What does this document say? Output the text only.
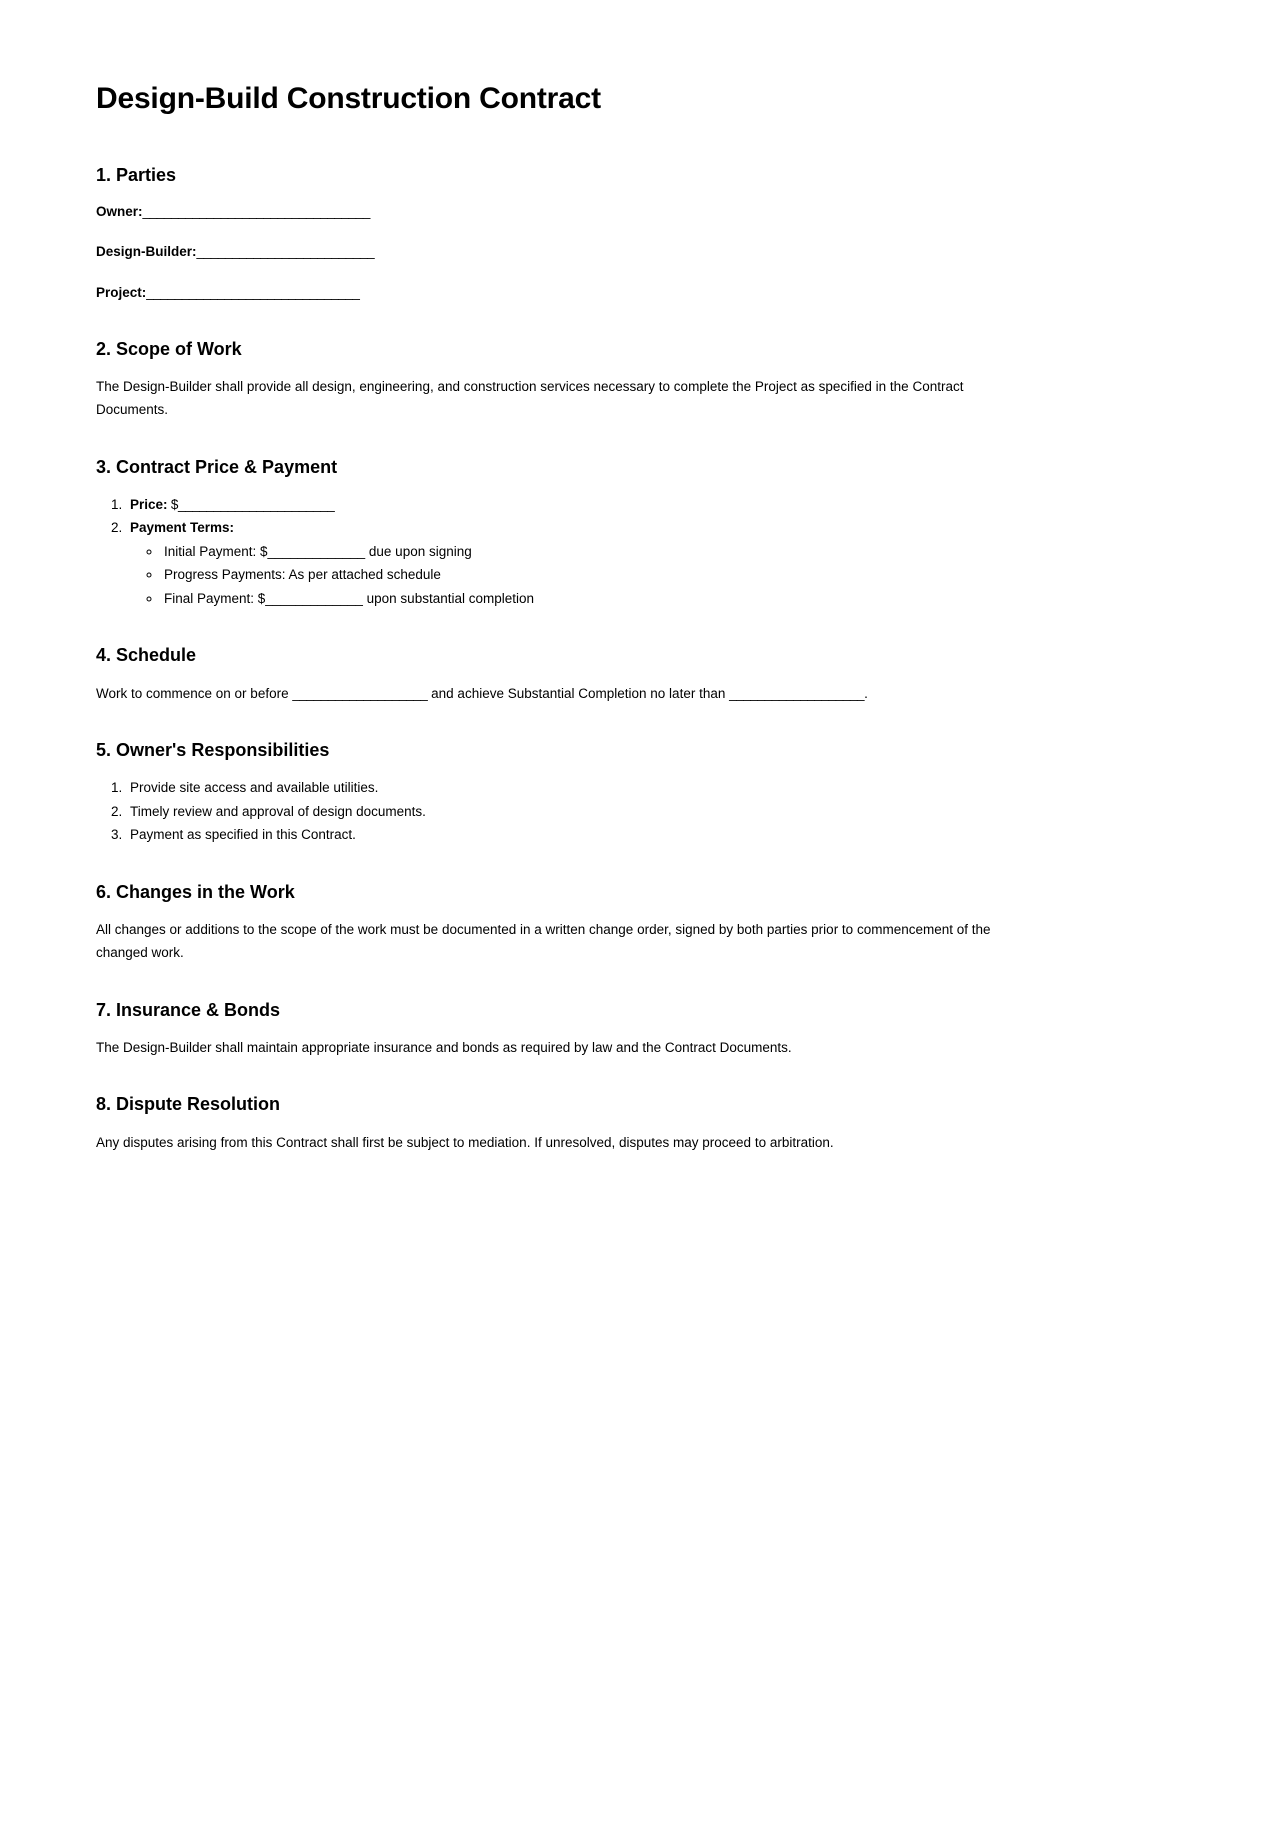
Design-Build Construction Contract
1. Parties

Owner:________________________________

Design-Builder:_________________________

Project:______________________________

2. Scope of Work

The Design-Builder shall provide all design, engineering, and construction services necessary to complete the Project as specified in the Contract Documents.

3. Contract Price & Payment
1. Price: $______________________
2. Payment Terms:
◦ Initial Payment: $_____________ due upon signing
◦ Progress Payments: As per attached schedule
◦ Final Payment: $_____________ upon substantial completion
4. Schedule

Work to commence on or before ___________________ and achieve Substantial Completion no later than ___________________.

5. Owner's Responsibilities
1. Provide site access and available utilities.
2. Timely review and approval of design documents.
3. Payment as specified in this Contract.
6. Changes in the Work

All changes or additions to the scope of the work must be documented in a written change order, signed by both parties prior to commencement of the changed work.

7. Insurance & Bonds

The Design-Builder shall maintain appropriate insurance and bonds as required by law and the Contract Documents.

8. Dispute Resolution

Any disputes arising from this Contract shall first be subject to mediation. If unresolved, disputes may proceed to arbitration.
